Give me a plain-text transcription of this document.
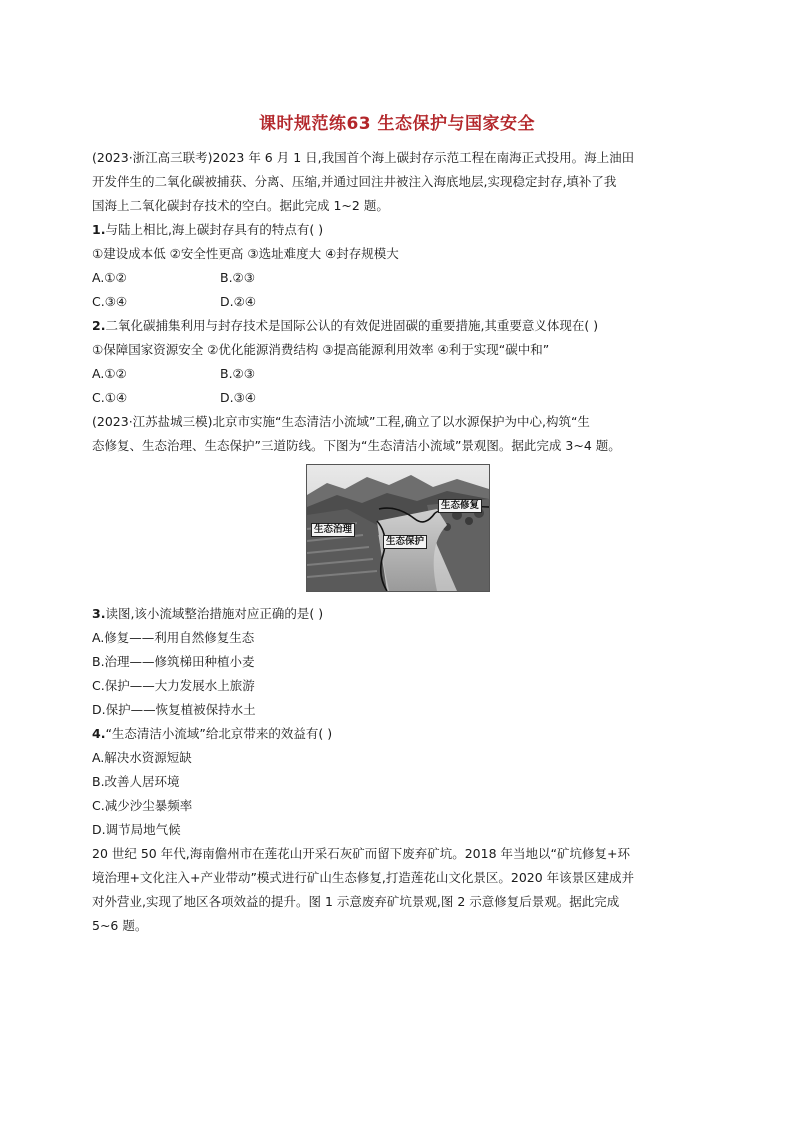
课时规范练63 生态保护与国家安全
(2023·浙江高三联考)2023 年 6 月 1 日,我国首个海上碳封存示范工程在南海正式投用。海上油田
开发伴生的二氧化碳被捕获、分离、压缩,并通过回注井被注入海底地层,实现稳定封存,填补了我
国海上二氧化碳封存技术的空白。据此完成 1~2 题。
1.与陆上相比,海上碳封存具有的特点有( )
①建设成本低 ②安全性更高 ③选址难度大 ④封存规模大
A.①②	B.②③
C.③④	D.②④
2.二氧化碳捕集利用与封存技术是国际公认的有效促进固碳的重要措施,其重要意义体现在( )
①保障国家资源安全 ②优化能源消费结构 ③提高能源利用效率 ④利于实现“碳中和”
A.①②	B.②③
C.①④	D.③④
(2023·江苏盐城三模)北京市实施“生态清洁小流域”工程,确立了以水源保护为中心,构筑“生
态修复、生态治理、生态保护”三道防线。下图为“生态清洁小流域”景观图。据此完成 3~4 题。
生态修复
生态治理
生态保护
3.读图,该小流域整治措施对应正确的是( )
A.修复——利用自然修复生态
B.治理——修筑梯田种植小麦
C.保护——大力发展水上旅游
D.保护——恢复植被保持水土
4.“生态清洁小流域”给北京带来的效益有( )
A.解决水资源短缺
B.改善人居环境
C.减少沙尘暴频率
D.调节局地气候
20 世纪 50 年代,海南儋州市在莲花山开采石灰矿而留下废弃矿坑。2018 年当地以“矿坑修复+环
境治理+文化注入+产业带动”模式进行矿山生态修复,打造莲花山文化景区。2020 年该景区建成并
对外营业,实现了地区各项效益的提升。图 1 示意废弃矿坑景观,图 2 示意修复后景观。据此完成
5~6 题。
